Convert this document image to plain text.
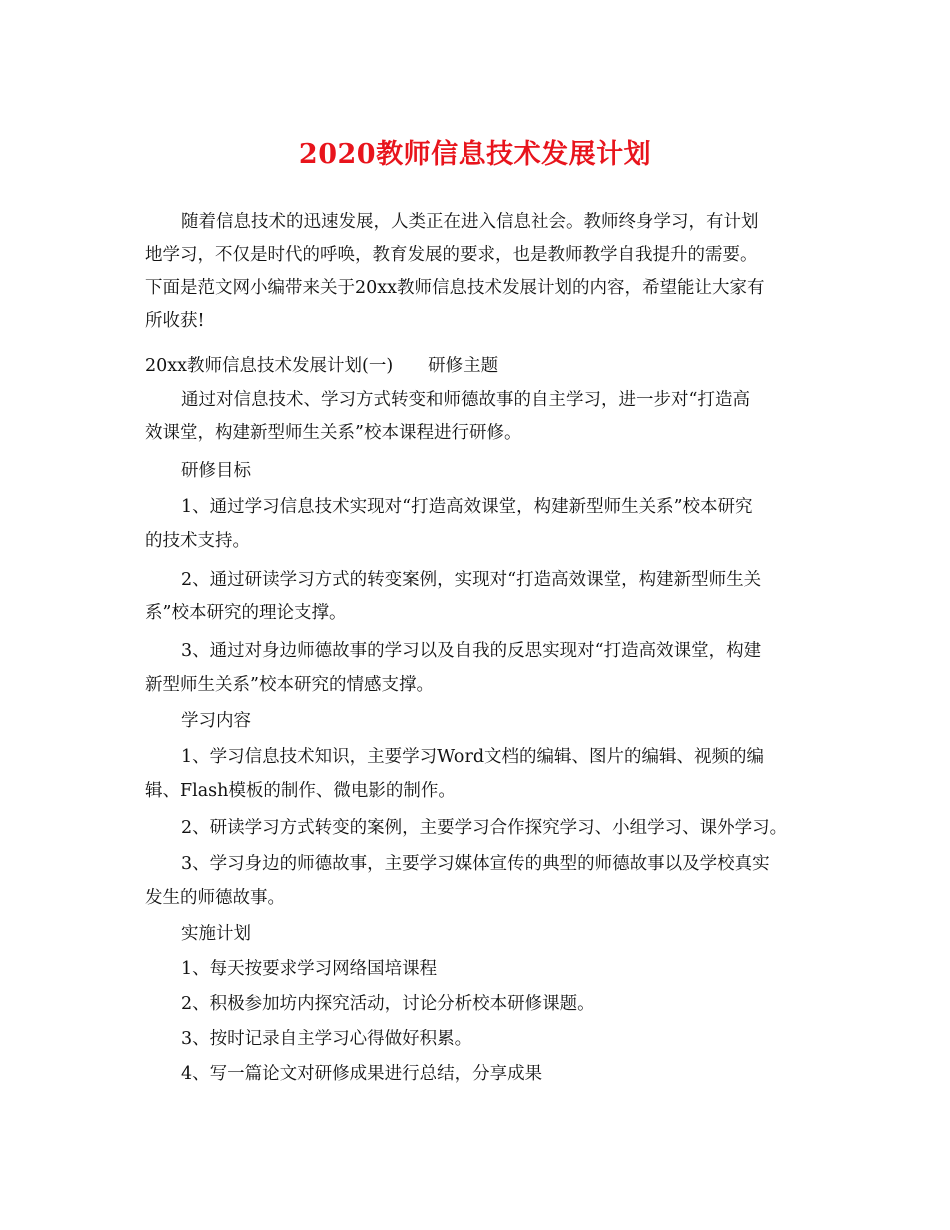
2020教师信息技术发展计划

随着信息技术的迅速发展，人类正在进入信息社会。教师终身学习，有计划

地学习，不仅是时代的呼唤，教育发展的要求，也是教师教学自我提升的需要。

下面是范文网小编带来关于20xx教师信息技术发展计划的内容，希望能让大家有

所收获!

20xx教师信息技术发展计划(一)　　研修主题

通过对信息技术、学习方式转变和师德故事的自主学习，进一步对“打造高

效课堂，构建新型师生关系”校本课程进行研修。

研修目标

1、通过学习信息技术实现对“打造高效课堂，构建新型师生关系”校本研究

的技术支持。

2、通过研读学习方式的转变案例，实现对“打造高效课堂，构建新型师生关

系”校本研究的理论支撑。

3、通过对身边师德故事的学习以及自我的反思实现对“打造高效课堂，构建

新型师生关系”校本研究的情感支撑。

学习内容

1、学习信息技术知识，主要学习Word文档的编辑、图片的编辑、视频的编

辑、Flash模板的制作、微电影的制作。

2、研读学习方式转变的案例，主要学习合作探究学习、小组学习、课外学习。

3、学习身边的师德故事，主要学习媒体宣传的典型的师德故事以及学校真实

发生的师德故事。

实施计划

1、每天按要求学习网络国培课程

2、积极参加坊内探究活动，讨论分析校本研修课题。

3、按时记录自主学习心得做好积累。

4、写一篇论文对研修成果进行总结，分享成果
